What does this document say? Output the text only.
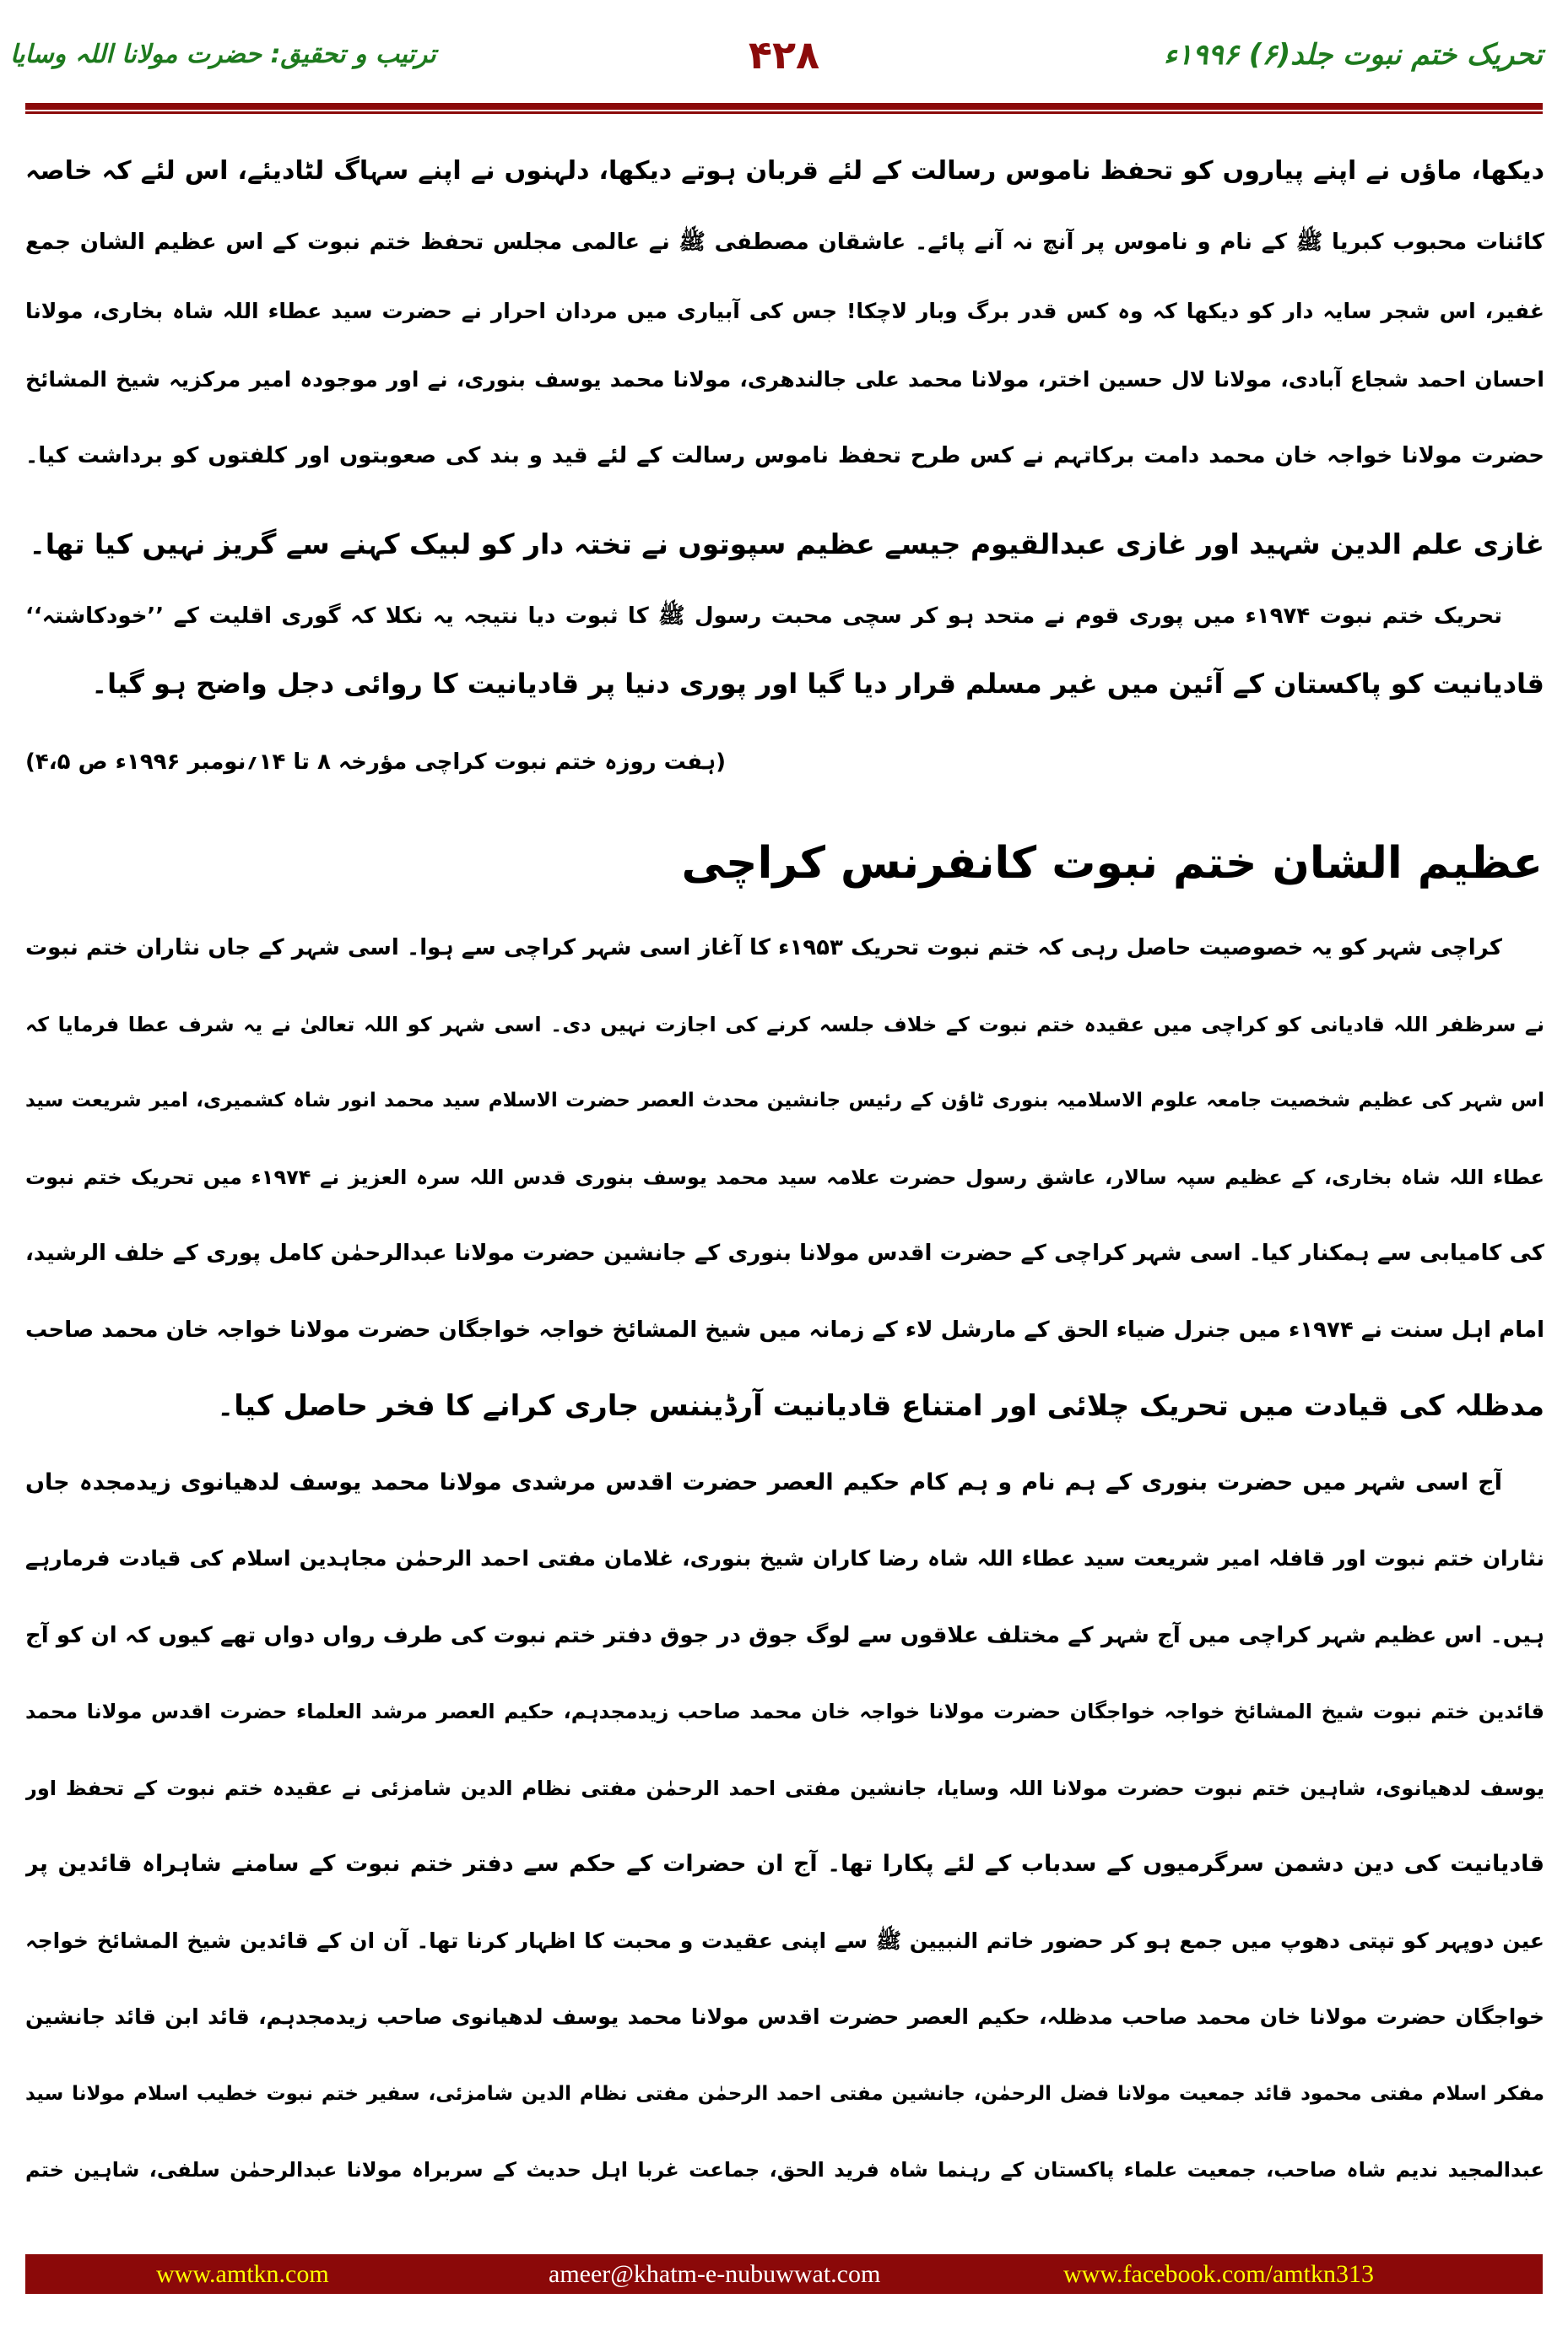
تحریک ختم نبوت جلد(۶) ۱۹۹۶ء
۴۲۸
ترتیب و تحقیق: حضرت مولانا اللہ وسایا
دیکھا، ماؤں نے اپنے پیاروں کو تحفظ ناموس رسالت کے لئے قربان ہوتے دیکھا، دلہنوں نے اپنے سہاگ لٹادیئے، اس لئے کہ خاصہ
کائنات محبوب کبریا ﷺ کے نام و ناموس پر آنچ نہ آنے پائے۔ عاشقان مصطفی ﷺ نے عالمی مجلس تحفظ ختم نبوت کے اس عظیم الشان جمع
غفیر، اس شجر سایہ دار کو دیکھا کہ وہ کس قدر برگ وبار لاچکا! جس کی آبیاری میں مردان احرار نے حضرت سید عطاء اللہ شاہ بخاری، مولانا
احسان احمد شجاع آبادی، مولانا لال حسین اختر، مولانا محمد علی جالندھری، مولانا محمد یوسف بنوری، نے اور موجودہ امیر مرکزیہ شیخ المشائخ
حضرت مولانا خواجہ خان محمد دامت برکاتہم نے کس طرح تحفظ ناموس رسالت کے لئے قید و بند کی صعوبتوں اور کلفتوں کو برداشت کیا۔
غازی علم الدین شہید اور غازی عبدالقیوم جیسے عظیم سپوتوں نے تختہ دار کو لبیک کہنے سے گریز نہیں کیا تھا۔
تحریک ختم نبوت ۱۹۷۴ء میں پوری قوم نے متحد ہو کر سچی محبت رسول ﷺ کا ثبوت دیا نتیجہ یہ نکلا کہ گوری اقلیت کے ’’خودکاشتہ‘‘
قادیانیت کو پاکستان کے آئین میں غیر مسلم قرار دیا گیا اور پوری دنیا پر قادیانیت کا روائی دجل واضح ہو گیا۔
(ہفت روزہ ختم نبوت کراچی مؤرخہ ۸ تا ۱۴؍نومبر ۱۹۹۶ء ص ۴،۵)
عظیم الشان ختم نبوت کانفرنس کراچی
کراچی شہر کو یہ خصوصیت حاصل رہی کہ ختم نبوت تحریک ۱۹۵۳ء کا آغاز اسی شہر کراچی سے ہوا۔ اسی شہر کے جاں نثاران ختم نبوت
نے سرظفر اللہ قادیانی کو کراچی میں عقیدہ ختم نبوت کے خلاف جلسہ کرنے کی اجازت نہیں دی۔ اسی شہر کو اللہ تعالیٰ نے یہ شرف عطا فرمایا کہ
اس شہر کی عظیم شخصیت جامعہ علوم الاسلامیہ بنوری ٹاؤن کے رئیس جانشین محدث العصر حضرت الاسلام سید محمد انور شاہ کشمیری، امیر شریعت سید
عطاء اللہ شاہ بخاری، کے عظیم سپہ سالار، عاشق رسول حضرت علامہ سید محمد یوسف بنوری قدس اللہ سرہ العزیز نے ۱۹۷۴ء میں تحریک ختم نبوت
کی کامیابی سے ہمکنار کیا۔ اسی شہر کراچی کے حضرت اقدس مولانا بنوری کے جانشین حضرت مولانا عبدالرحمٰن کامل پوری کے خلف الرشید،
امام اہل سنت نے ۱۹۷۴ء میں جنرل ضیاء الحق کے مارشل لاء کے زمانہ میں شیخ المشائخ خواجہ خواجگان حضرت مولانا خواجہ خان محمد صاحب
مدظلہ کی قیادت میں تحریک چلائی اور امتناع قادیانیت آرڈیننس جاری کرانے کا فخر حاصل کیا۔
آج اسی شہر میں حضرت بنوری کے ہم نام و ہم کام حکیم العصر حضرت اقدس مرشدی مولانا محمد یوسف لدھیانوی زیدمجدہ جاں
نثاران ختم نبوت اور قافلہ امیر شریعت سید عطاء اللہ شاہ رضا کاران شیخ بنوری، غلامان مفتی احمد الرحمٰن مجاہدین اسلام کی قیادت فرمارہے
ہیں۔ اس عظیم شہر کراچی میں آج شہر کے مختلف علاقوں سے لوگ جوق در جوق دفتر ختم نبوت کی طرف رواں دواں تھے کیوں کہ ان کو آج
قائدین ختم نبوت شیخ المشائخ خواجہ خواجگان حضرت مولانا خواجہ خان محمد صاحب زیدمجدہم، حکیم العصر مرشد العلماء حضرت اقدس مولانا محمد
یوسف لدھیانوی، شاہین ختم نبوت حضرت مولانا اللہ وسایا، جانشین مفتی احمد الرحمٰن مفتی نظام الدین شامزئی نے عقیدہ ختم نبوت کے تحفظ اور
قادیانیت کی دین دشمن سرگرمیوں کے سدباب کے لئے پکارا تھا۔ آج ان حضرات کے حکم سے دفتر ختم نبوت کے سامنے شاہراہ قائدین پر
عین دوپہر کو تپتی دھوپ میں جمع ہو کر حضور خاتم النبیین ﷺ سے اپنی عقیدت و محبت کا اظہار کرنا تھا۔ آن ان کے قائدین شیخ المشائخ خواجہ
خواجگان حضرت مولانا خان محمد صاحب مدظلہ، حکیم العصر حضرت اقدس مولانا محمد یوسف لدھیانوی صاحب زیدمجدہم، قائد ابن قائد جانشین
مفکر اسلام مفتی محمود قائد جمعیت مولانا فضل الرحمٰن، جانشین مفتی احمد الرحمٰن مفتی نظام الدین شامزئی، سفیر ختم نبوت خطیب اسلام مولانا سید
عبدالمجید ندیم شاہ صاحب، جمعیت علماء پاکستان کے رہنما شاہ فرید الحق، جماعت غربا اہل حدیث کے سربراہ مولانا عبدالرحمٰن سلفی، شاہین ختم
www.amtkn.com	ameer@khatm-e-nubuwwat.com	www.facebook.com/amtkn313
